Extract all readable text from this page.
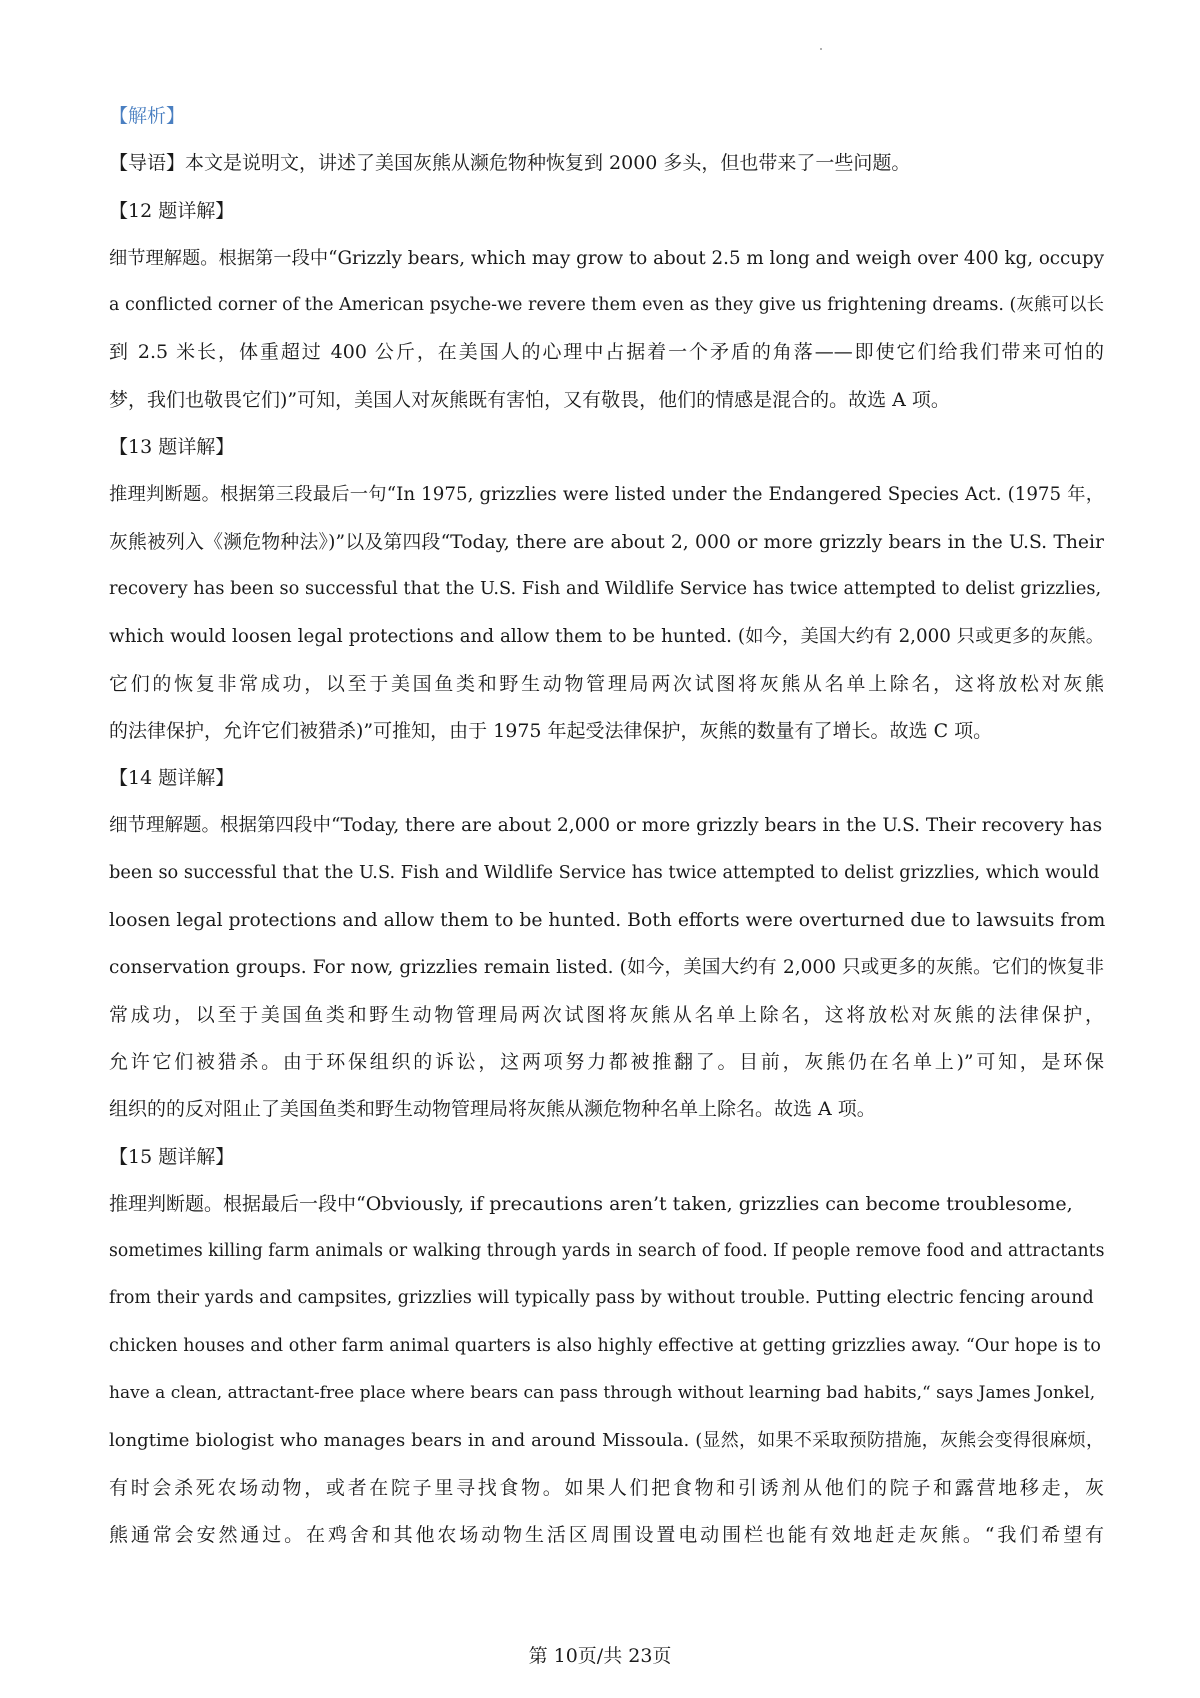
【解析】
【导语】本文是说明文，讲述了美国灰熊从濒危物种恢复到 2000 多头，但也带来了一些问题。
【12 题详解】
细节理解题。根据第一段中“Grizzly bears, which may grow to about 2.5 m long and weigh over 400 kg, occupy
a conflicted corner of the American psyche-we revere them even as they give us frightening dreams. (灰熊可以长
到 2.5 米长，体重超过 400 公斤，在美国人的心理中占据着一个矛盾的角落——即使它们给我们带来可怕的
梦，我们也敬畏它们)”可知，美国人对灰熊既有害怕，又有敬畏，他们的情感是混合的。故选 A 项。
【13 题详解】
推理判断题。根据第三段最后一句“In 1975, grizzlies were listed under the Endangered Species Act. (1975 年，
灰熊被列入《濒危物种法》)”以及第四段“Today, there are about 2, 000 or more grizzly bears in the U.S. Their
recovery has been so successful that the U.S. Fish and Wildlife Service has twice attempted to delist grizzlies,
which would loosen legal protections and allow them to be hunted. (如今，美国大约有 2,000 只或更多的灰熊。
它们的恢复非常成功，以至于美国鱼类和野生动物管理局两次试图将灰熊从名单上除名，这将放松对灰熊
的法律保护，允许它们被猎杀)”可推知，由于 1975 年起受法律保护，灰熊的数量有了增长。故选 C 项。
【14 题详解】
细节理解题。根据第四段中“Today, there are about 2,000 or more grizzly bears in the U.S. Their recovery has
been so successful that the U.S. Fish and Wildlife Service has twice attempted to delist grizzlies, which would
loosen legal protections and allow them to be hunted. Both efforts were overturned due to lawsuits from
conservation groups. For now, grizzlies remain listed. (如今，美国大约有 2,000 只或更多的灰熊。它们的恢复非
常成功，以至于美国鱼类和野生动物管理局两次试图将灰熊从名单上除名，这将放松对灰熊的法律保护，
允许它们被猎杀。由于环保组织的诉讼，这两项努力都被推翻了。目前，灰熊仍在名单上)”可知，是环保
组织的的反对阻止了美国鱼类和野生动物管理局将灰熊从濒危物种名单上除名。故选 A 项。
【15 题详解】
推理判断题。根据最后一段中“Obviously, if precautions aren’t taken, grizzlies can become troublesome,
sometimes killing farm animals or walking through yards in search of food. If people remove food and attractants
from their yards and campsites, grizzlies will typically pass by without trouble. Putting electric fencing around
chicken houses and other farm animal quarters is also highly effective at getting grizzlies away. “Our hope is to
have a clean, attractant-free place where bears can pass through without learning bad habits,“ says James Jonkel,
longtime biologist who manages bears in and around Missoula. (显然，如果不采取预防措施，灰熊会变得很麻烦，
有时会杀死农场动物，或者在院子里寻找食物。如果人们把食物和引诱剂从他们的院子和露营地移走，灰
熊通常会安然通过。在鸡舍和其他农场动物生活区周围设置电动围栏也能有效地赶走灰熊。“我们希望有
第 10页/共 23页
